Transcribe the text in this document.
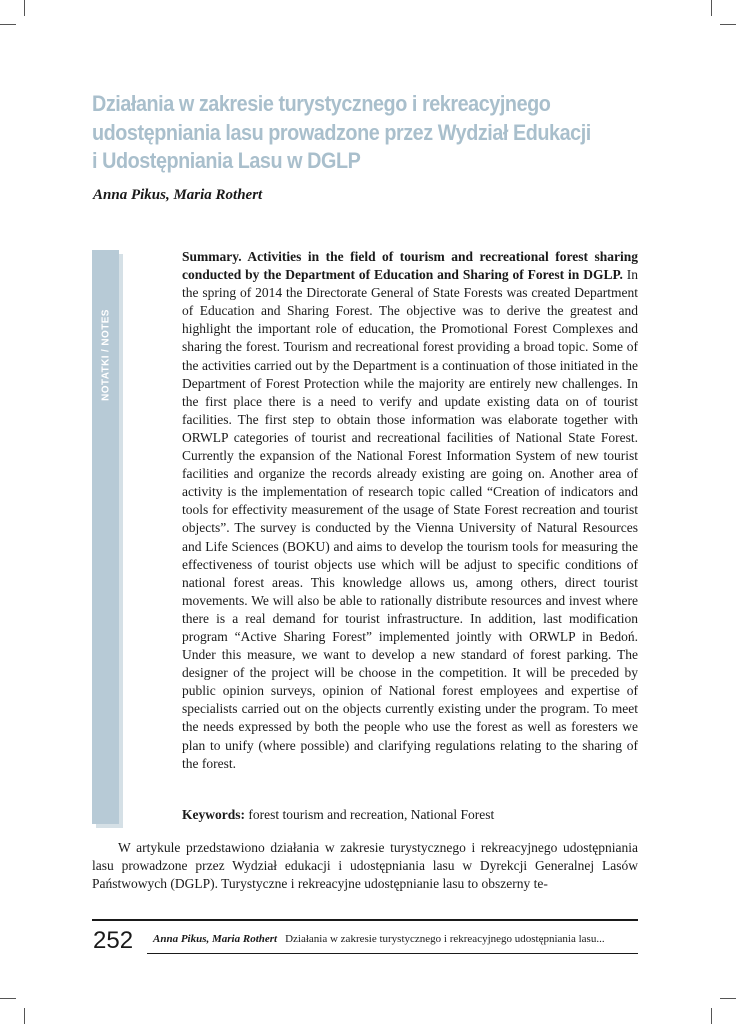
Działania w zakresie turystycznego i rekreacyjnego
udostępniania lasu prowadzone przez Wydział Edukacji
i Udostępniania Lasu w DGLP

Anna Pikus, Maria Rothert

NOTATKI / NOTES

Summary. Activities in the field of tourism and recreational forest sharing conducted by the Department of Education and Sharing of Forest in DGLP. In the spring of 2014 the Directorate General of State Forests was created Department of Education and Sharing Forest. The objective was to derive the greatest and highlight the important role of education, the Promotional Forest Complexes and sharing the forest. Tourism and recreational forest providing a broad topic. Some of the activities carried out by the Department is a continuation of those initiated in the Department of Forest Protection while the majority are entirely new challenges. In the first place there is a need to verify and update existing data on of tourist facilities. The first step to obtain those information was elaborate together with ORWLP categories of tourist and recreational facilities of National State Forest. Currently the expansion of the National Forest Information System of new tourist facilities and organize the records already existing are going on. Another area of activity is the implementation of research topic called “Creation of indicators and tools for effectivity measurement of the usage of State Forest recreation and tourist objects”. The survey is conducted by the Vienna University of Natural Resources and Life Sciences (BOKU) and aims to develop the tourism tools for measuring the effectiveness of tourist objects use which will be adjust to specific conditions of national forest areas. This knowledge allows us, among others, direct tourist movements. We will also be able to rationally distribute resources and invest where there is a real demand for tourist infrastructure. In addition, last modification program “Active Sharing Forest” implemented jointly with ORWLP in Bedoń. Under this measure, we want to develop a new standard of forest parking. The designer of the project will be choose in the competition. It will be preceded by public opinion surveys, opinion of National forest employees and expertise of specialists carried out on the objects currently existing under the program. To meet the needs expressed by both the people who use the forest as well as foresters we plan to unify (where possible) and clarifying regulations relating to the sharing of the forest.

Keywords: forest tourism and recreation, National Forest

W artykule przedstawiono działania w zakresie turystycznego i rekreacyjnego udostępniania lasu prowadzone przez Wydział edukacji i udostępniania lasu w Dyrekcji Generalnej Lasów Państwowych (DGLP). Turystyczne i rekreacyjne udostępnianie lasu to obszerny te-

252 Anna Pikus, Maria Rothert Działania w zakresie turystycznego i rekreacyjnego udostępniania lasu...
